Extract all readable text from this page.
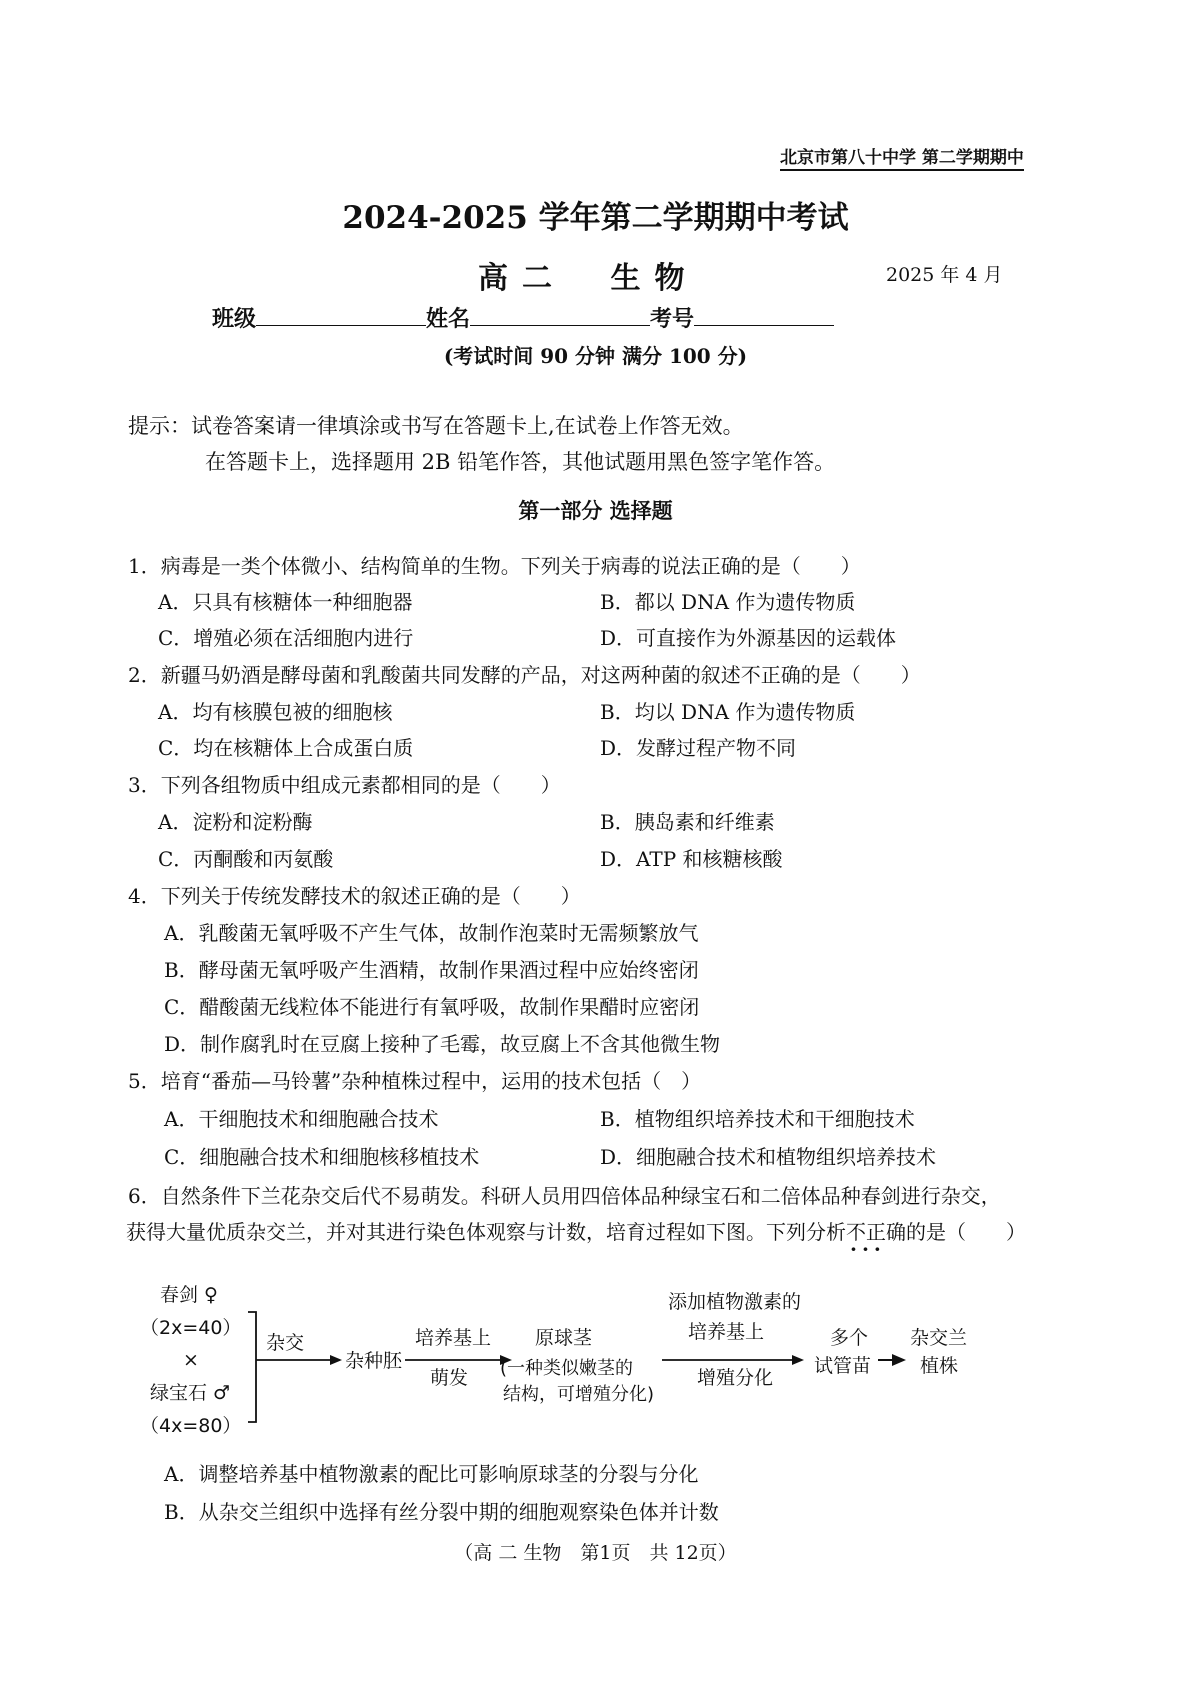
北京市第八十中学 第二学期期中
2024-2025 学年第二学期期中考试
高二 生物	2025 年 4 月
班级	姓名	考号
(考试时间 90 分钟 满分 100 分)
提示：试卷答案请一律填涂或书写在答题卡上,在试卷上作答无效。
在答题卡上，选择题用 2B 铅笔作答，其他试题用黑色签字笔作答。
第一部分 选择题
1．病毒是一类个体微小、结构简单的生物。下列关于病毒的说法正确的是（　　）
A．只具有核糖体一种细胞器	B．都以 DNA 作为遗传物质
C．增殖必须在活细胞内进行	D．可直接作为外源基因的运载体
2．新疆马奶酒是酵母菌和乳酸菌共同发酵的产品，对这两种菌的叙述不正确的是（　　）
A．均有核膜包被的细胞核	B．均以 DNA 作为遗传物质
C．均在核糖体上合成蛋白质	D．发酵过程产物不同
3．下列各组物质中组成元素都相同的是（　　）
A．淀粉和淀粉酶	B．胰岛素和纤维素
C．丙酮酸和丙氨酸	D．ATP 和核糖核酸
4．下列关于传统发酵技术的叙述正确的是（　　）
A．乳酸菌无氧呼吸不产生气体，故制作泡菜时无需频繁放气
B．酵母菌无氧呼吸产生酒精，故制作果酒过程中应始终密闭
C．醋酸菌无线粒体不能进行有氧呼吸，故制作果醋时应密闭
D．制作腐乳时在豆腐上接种了毛霉，故豆腐上不含其他微生物
5．培育“番茄—马铃薯”杂种植株过程中，运用的技术包括（　）
A．干细胞技术和细胞融合技术	B．植物组织培养技术和干细胞技术
C．细胞融合技术和细胞核移植技术	D．细胞融合技术和植物组织培养技术
6．自然条件下兰花杂交后代不易萌发。科研人员用四倍体品种绿宝石和二倍体品种春剑进行杂交，
获得大量优质杂交兰，并对其进行染色体观察与计数，培育过程如下图。下列分析不正确 ···的是（　　）
春剑 ♀
（2x=40）
×
绿宝石 ♂
（4x=80）
杂交
杂种胚
培养基上
萌发
原球茎
(一种类似嫩茎的
结构，可增殖分化)
添加植物激素的
培养基上
增殖分化
多个
试管苗
杂交兰
植株
A．调整培养基中植物激素的配比可影响原球茎的分裂与分化
B．从杂交兰组织中选择有丝分裂中期的细胞观察染色体并计数
（高 二 生物　第1页　共 12页）
